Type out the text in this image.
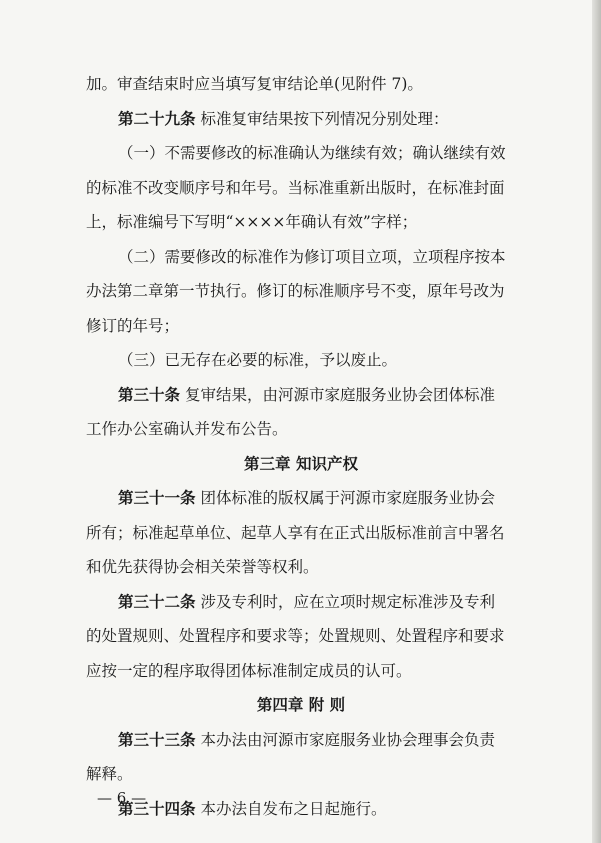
加。审查结束时应当填写复审结论单(见附件 7)。
第二十九条 标准复审结果按下列情况分别处理：
（一）不需要修改的标准确认为继续有效；确认继续有效
的标准不改变顺序号和年号。当标准重新出版时，在标准封面
上，标准编号下写明“××××年确认有效”字样；
（二）需要修改的标准作为修订项目立项，立项程序按本
办法第二章第一节执行。修订的标准顺序号不变，原年号改为
修订的年号；
（三）已无存在必要的标准，予以废止。
第三十条 复审结果，由河源市家庭服务业协会团体标准
工作办公室确认并发布公告。
第三章 知识产权
第三十一条 团体标准的版权属于河源市家庭服务业协会
所有；标准起草单位、起草人享有在正式出版标准前言中署名
和优先获得协会相关荣誉等权利。
第三十二条 涉及专利时，应在立项时规定标准涉及专利
的处置规则、处置程序和要求等；处置规则、处置程序和要求
应按一定的程序取得团体标准制定成员的认可。
第四章 附 则
第三十三条 本办法由河源市家庭服务业协会理事会负责
解释。
第三十四条 本办法自发布之日起施行。
— 6 —
